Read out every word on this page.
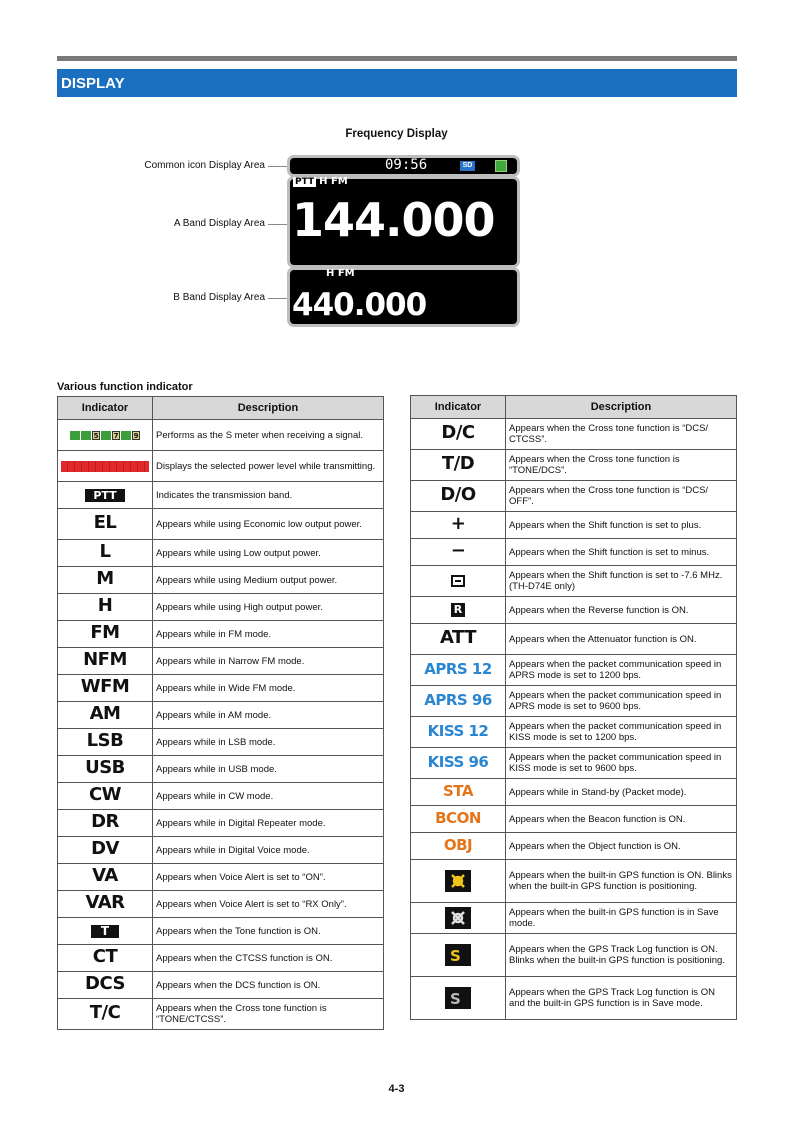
DISPLAY
Frequency Display
Common icon Display Area
A Band Display Area
B Band Display Area
09:56	SD
PTT H FM
144.000
H FM
440.000
Various function indicator
Indicator	Description

5 7 9	Performs as the S meter when receiving a signal.
	Displays the selected power level while transmitting.
PTT	Indicates the transmission band.
EL	Appears while using Economic low output power.
L	Appears while using Low output power.
M	Appears while using Medium output power.
H	Appears while using High output power.
FM	Appears while in FM mode.
NFM	Appears while in Narrow FM mode.
WFM	Appears while in Wide FM mode.
AM	Appears while in AM mode.
LSB	Appears while in LSB mode.
USB	Appears while in USB mode.
CW	Appears while in CW mode.
DR	Appears while in Digital Repeater mode.
DV	Appears while in Digital Voice mode.
VA	Appears when Voice Alert is set to “ON”.
VAR	Appears when Voice Alert is set to “RX Only”.
T	Appears when the Tone function is ON.
CT	Appears when the CTCSS function is ON.
DCS	Appears when the DCS function is ON.
T/C	Appears when the Cross tone function is “TONE/CTCSS”.
Indicator	Description
D/C	Appears when the Cross tone function is “DCS/ CTCSS”.
T/D	Appears when the Cross tone function is “TONE/DCS”.
D/O	Appears when the Cross tone function is “DCS/ OFF”.
+	Appears when the Shift function is set to plus.
−	Appears when the Shift function is set to minus.
	Appears when the Shift function is set to -7.6 MHz. (TH-D74E only)
R	Appears when the Reverse function is ON.
ATT	Appears when the Attenuator function is ON.
APRS 12	Appears when the packet communication speed in APRS mode is set to 1200 bps.
APRS 96	Appears when the packet communication speed in APRS mode is set to 9600 bps.
KISS 12	Appears when the packet communication speed in KISS mode is set to 1200 bps.
KISS 96	Appears when the packet communication speed in KISS mode is set to 9600 bps.
STA	Appears while in Stand-by (Packet mode).
BCON	Appears when the Beacon function is ON.
OBJ	Appears when the Object function is ON.
	Appears when the built-in GPS function is ON. Blinks when the built-in GPS function is positioning.
	Appears when the built-in GPS function is in Save mode.

S	Appears when the GPS Track Log function is ON. Blinks when the built-in GPS function is positioning.

S	Appears when the GPS Track Log function is ON and the built-in GPS function is in Save mode.
4-3
